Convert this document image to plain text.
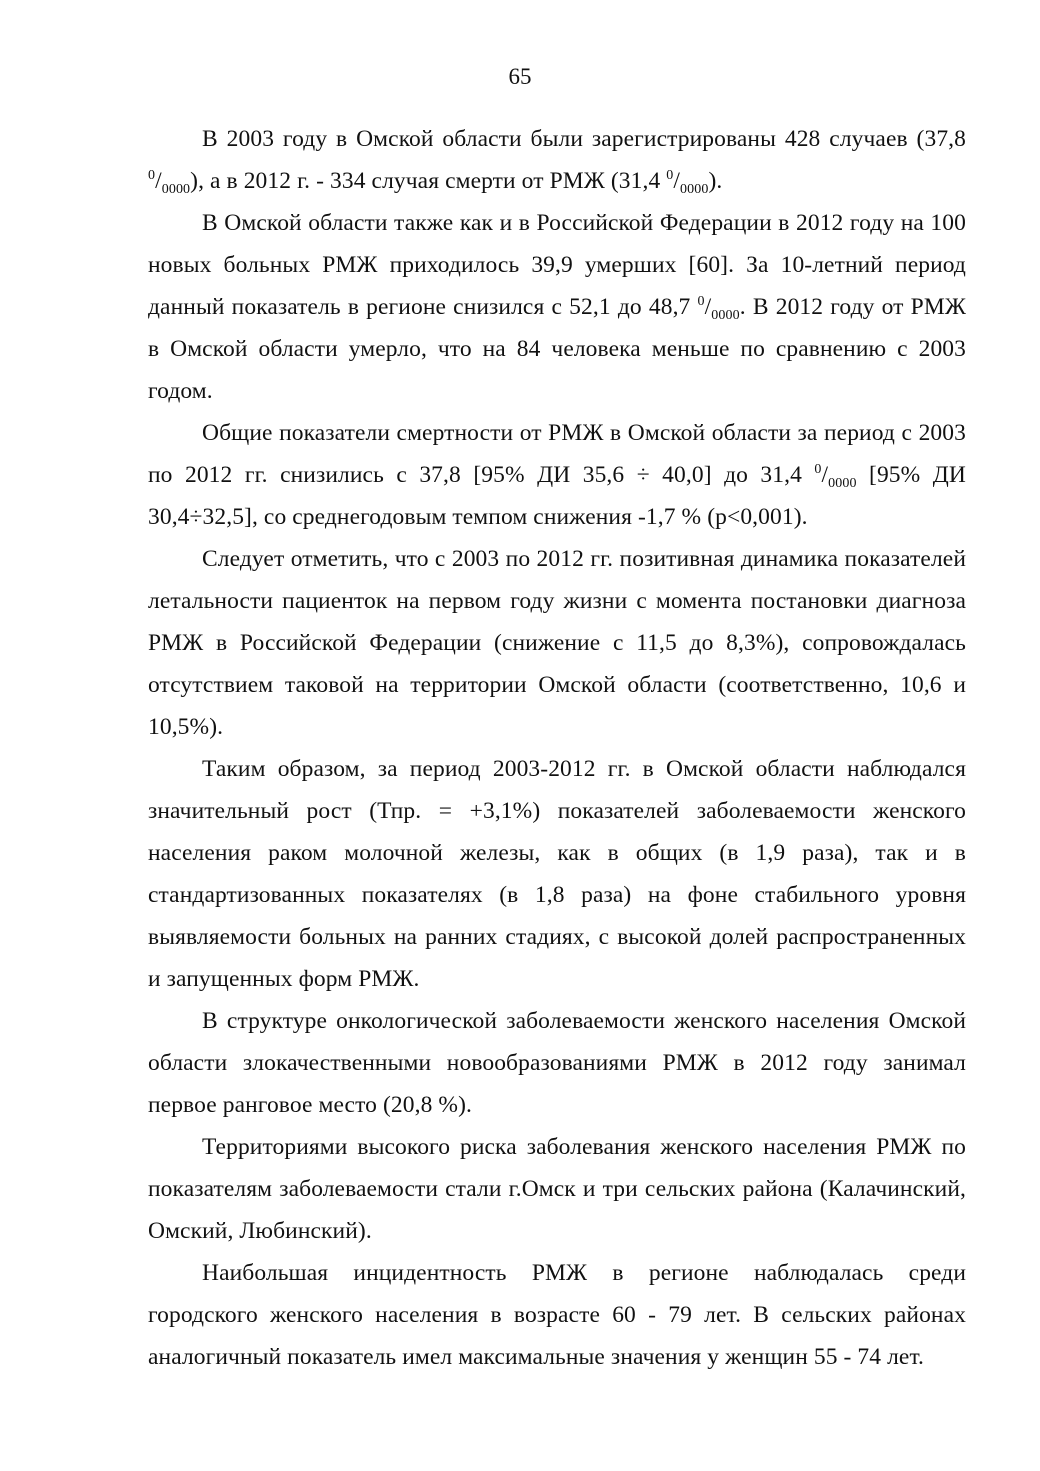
65

В 2003 году в Омской области были зарегистрированы 428 случаев (37,8 $^0/_{0000}$), а в 2012 г. - 334 случая смерти от РМЖ (31,4 $^0/_{0000}$).

В Омской области также как и в Российской Федерации в 2012 году на 100 новых больных РМЖ приходилось 39,9 умерших [60]. За 10-летний период данный показатель в регионе снизился с 52,1 до 48,7 $^0/_{0000}$. В 2012 году от РМЖ в Омской области умерло, что на 84 человека меньше по сравнению с 2003 годом.

Общие показатели смертности от РМЖ в Омской области за период с 2003 по 2012 гг. снизились с 37,8 [95% ДИ 35,6 ÷ 40,0] до 31,4 $^0/_{0000}$ [95% ДИ 30,4÷32,5], со среднегодовым темпом снижения -1,7 % (р<0,001).

Следует отметить, что с 2003 по 2012 гг. позитивная динамика показателей летальности пациенток на первом году жизни с момента постановки диагноза РМЖ в Российской Федерации (снижение с 11,5 до 8,3%), сопровождалась отсутствием таковой на территории Омской области (соответственно, 10,6 и 10,5%).

Таким образом, за период 2003-2012 гг. в Омской области наблюдался значительный рост (Тпр. = +3,1%) показателей заболеваемости женского населения раком молочной железы, как в общих (в 1,9 раза), так и в стандартизованных показателях (в 1,8 раза) на фоне стабильного уровня выявляемости больных на ранних стадиях, с высокой долей распространенных и запущенных форм РМЖ.

В структуре онкологической заболеваемости женского населения Омской области злокачественными новообразованиями РМЖ в 2012 году занимал первое ранговое место (20,8 %).

Территориями высокого риска заболевания женского населения РМЖ по показателям заболеваемости стали г.Омск и три сельских района (Калачинский, Омский, Любинский).

Наибольшая инцидентность РМЖ в регионе наблюдалась среди городского женского населения в возрасте 60 - 79 лет. В сельских районах аналогичный показатель имел максимальные значения у женщин 55 - 74 лет.
